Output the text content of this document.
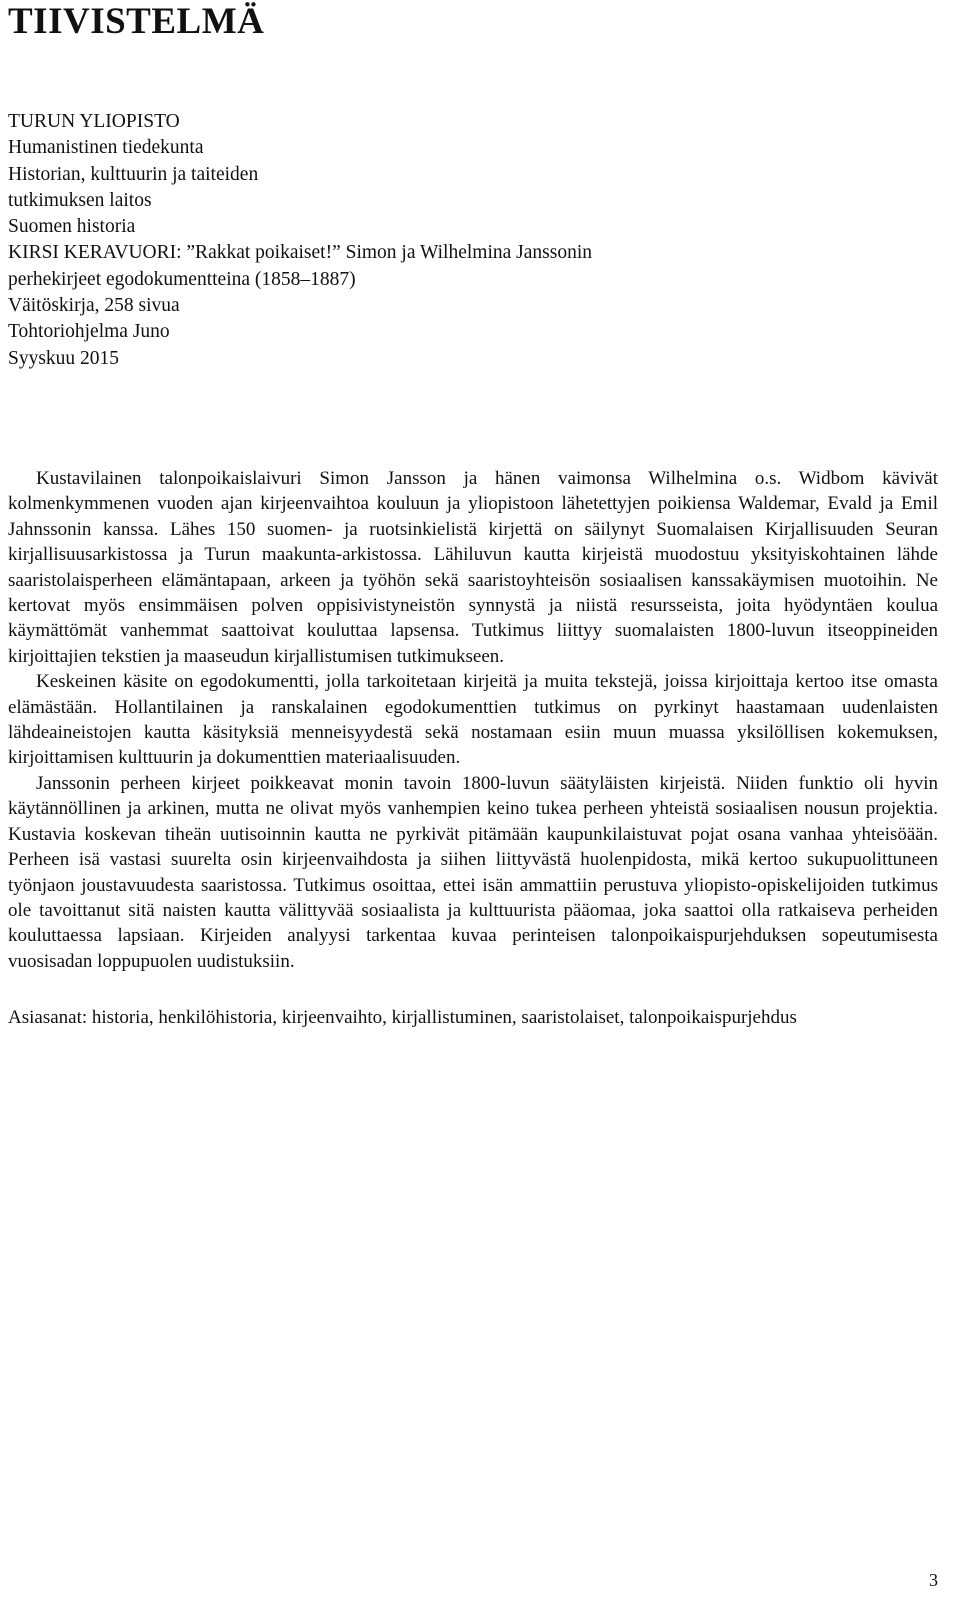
TIIVISTELMÄ
TURUN YLIOPISTO
Humanistinen tiedekunta
Historian, kulttuurin ja taiteiden
tutkimuksen laitos
Suomen historia
KIRSI KERAVUORI: ”Rakkat poikaiset!” Simon ja Wilhelmina Janssonin
perhekirjeet egodokumentteina (1858–1887)
Väitöskirja, 258 sivua
Tohtoriohjelma Juno
Syyskuu 2015

Kustavilainen talonpoikaislaivuri Simon Jansson ja hänen vaimonsa Wilhelmina o.s. Widbom kävivät kolmenkymmenen vuoden ajan kirjeenvaihtoa kouluun ja yliopistoon lähetettyjen poikiensa Waldemar, Evald ja Emil Jahnssonin kanssa. Lähes 150 suomen- ja ruotsinkielistä kirjettä on säilynyt Suomalaisen Kirjallisuuden Seuran kirjallisuusarkistossa ja Turun maakunta-arkistossa. Lähiluvun kautta kirjeistä muodostuu yksityiskohtainen lähde saaristolaisperheen elämäntapaan, arkeen ja työhön sekä saaristoyhteisön sosiaalisen kanssakäymisen muotoihin. Ne kertovat myös ensimmäisen polven oppisivistyneistön synnystä ja niistä resursseista, joita hyödyntäen koulua käymättömät vanhemmat saattoivat kouluttaa lapsensa. Tutkimus liittyy suomalaisten 1800-luvun itseoppineiden kirjoittajien tekstien ja maaseudun kirjallistumisen tutkimukseen.

Keskeinen käsite on egodokumentti, jolla tarkoitetaan kirjeitä ja muita tekstejä, joissa kirjoittaja kertoo itse omasta elämästään. Hollantilainen ja ranskalainen egodokumenttien tutkimus on pyrkinyt haastamaan uudenlaisten lähdeaineistojen kautta käsityksiä menneisyydestä sekä nostamaan esiin muun muassa yksilöllisen kokemuksen, kirjoittamisen kulttuurin ja dokumenttien materiaalisuuden.

Janssonin perheen kirjeet poikkeavat monin tavoin 1800-luvun säätyläisten kirjeistä. Niiden funktio oli hyvin käytännöllinen ja arkinen, mutta ne olivat myös vanhempien keino tukea perheen yhteistä sosiaalisen nousun projektia. Kustavia koskevan tiheän uutisoinnin kautta ne pyrkivät pitämään kaupunkilaistuvat pojat osana vanhaa yhteisöään. Perheen isä vastasi suurelta osin kirjeenvaihdosta ja siihen liittyvästä huolenpidosta, mikä kertoo sukupuolittuneen työnjaon joustavuudesta saaristossa. Tutkimus osoittaa, ettei isän ammattiin perustuva yliopisto-opiskelijoiden tutkimus ole tavoittanut sitä naisten kautta välittyvää sosiaalista ja kulttuurista pääomaa, joka saattoi olla ratkaiseva perheiden kouluttaessa lapsiaan. Kirjeiden analyysi tarkentaa kuvaa perinteisen talonpoikaispurjehduksen sopeutumisesta vuosisadan loppupuolen uudistuksiin.

Asiasanat: historia, henkilöhistoria, kirjeenvaihto, kirjallistuminen, saaristolaiset, talonpoikaispurjehdus

3
